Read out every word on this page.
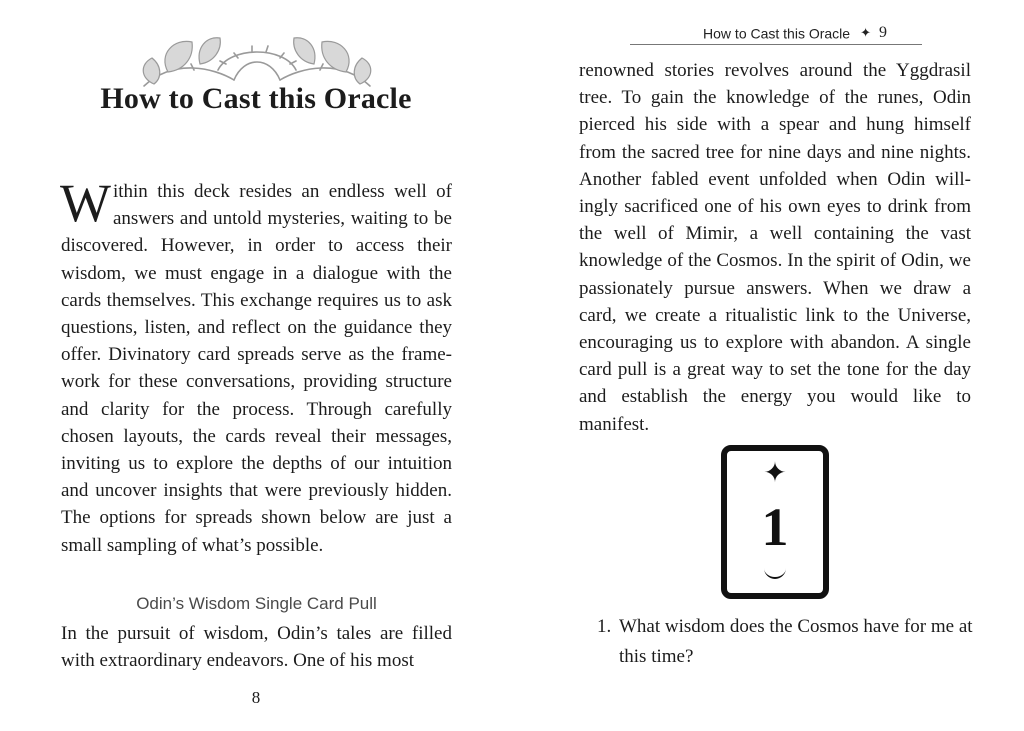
How to Cast this Oracle

Within this deck resides an endless well of answers and untold mysteries, waiting to be discovered. However, in order to access their wisdom, we must engage in a dialogue with the cards themselves. This exchange requires us to ask questions, listen, and reflect on the guidance they offer. Divinatory card spreads serve as the framework for these conversations, providing structure and clarity for the process. Through carefully chosen layouts, the cards reveal their messages, inviting us to explore the depths of our intuition and uncover insights that were previously hidden. The options for spreads shown below are just a small sampling of what’s possible.

Odin’s Wisdom Single Card Pull

In the pursuit of wisdom, Odin’s tales are filled with extraordinary endeavors. One of his most

8

How to Cast this Oracle ✦ 9

renowned stories revolves around the Yggdrasil tree. To gain the knowledge of the runes, Odin pierced his side with a spear and hung himself from the sacred tree for nine days and nine nights. Another fabled event unfolded when Odin willingly sacrificed one of his own eyes to drink from the well of Mimir, a well containing the vast knowledge of the Cosmos. In the spirit of Odin, we passionately pursue answers. When we draw a card, we create a ritualistic link to the Universe, encouraging us to explore with abandon. A single card pull is a great way to set the tone for the day and establish the energy you would like to manifest.

✦
1
1. What wisdom does the Cosmos have for me at this time?
